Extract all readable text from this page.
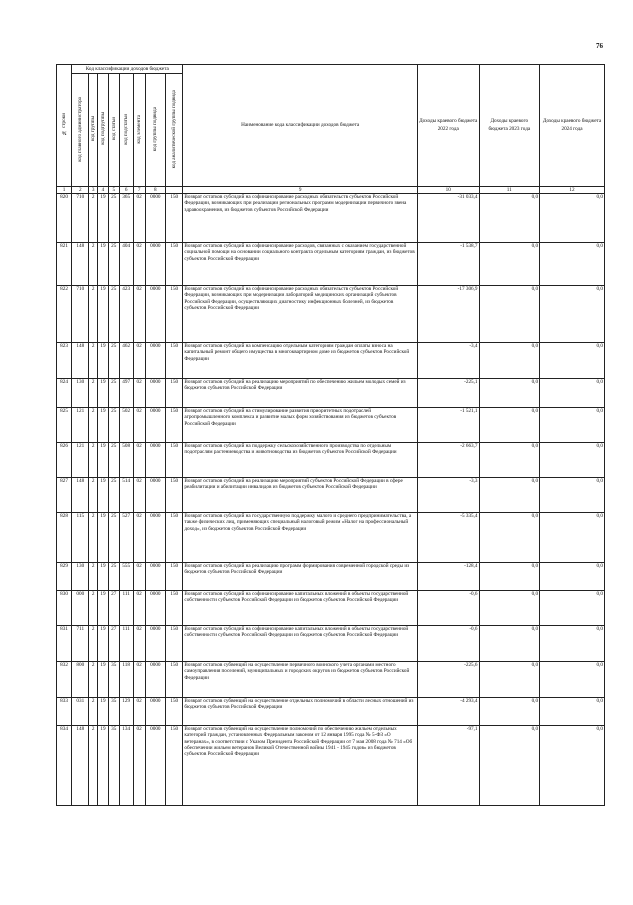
76
№ строки	Код классификации доходов бюджета								Наименование кода классификации доходов бюджета	Доходы краевого бюджета 2022 года	Доходы краевого бюджета 2023 года	Доходы краевого бюджета 2024 года
	код главного администратора	код группы	код подгруппы	код статьи	код подстатьи	код элемента	код группы подвида	код аналитической группы подвида				
1	2	3	4	5	6	7	8		9	10	11	12
820	710	2	19	25	365	02	0000	150	Возврат остатков субсидий на софинансирование расходных обязательств субъектов Российской Федерации, возникающих при реализации региональных программ модернизации первичного звена здравоохранения, из бюджетов субъектов Российской Федерации	-31 033,4	0,0	0,0
821	148	2	19	25	404	02	0000	150	Возврат остатков субсидий на софинансирование расходов, связанных с оказанием государственной социальной помощи на основании социального контракта отдельным категориям граждан, из бюджетов субъектов Российской Федерации	-1 538,7	0,0	0,0
822	710	2	19	25	423	02	0000	150	Возврат остатков субсидий на софинансирование расходных обязательств субъектов Российской Федерации, возникающих при модернизации лабораторий медицинских организаций субъектов Российской Федерации, осуществляющих диагностику инфекционных болезней, из бюджетов субъектов Российской Федерации	-17 306,9	0,0	0,0
823	148	2	19	25	462	02	0000	150	Возврат остатков субсидий на компенсацию отдельным категориям граждан оплаты взноса на капитальный ремонт общего имущества в многоквартирном доме из бюджетов субъектов Российской Федерации	-3,4	0,0	0,0
824	130	2	19	25	497	02	0000	150	Возврат остатков субсидий на реализацию мероприятий по обеспечению жильем молодых семей из бюджетов субъектов Российской Федерации	-225,1	0,0	0,0
825	121	2	19	25	502	02	0000	150	Возврат остатков субсидий на стимулирование развития приоритетных подотраслей агропромышленного комплекса и развитие малых форм хозяйствования из бюджетов субъектов Российской Федерации	-1 521,1	0,0	0,0
826	121	2	19	25	508	02	0000	150	Возврат остатков субсидий на поддержку сельскохозяйственного производства по отдельным подотраслям растениеводства и животноводства из бюджетов субъектов Российской Федерации	-2 663,7	0,0	0,0
827	148	2	19	25	514	02	0000	150	Возврат остатков субсидий на реализацию мероприятий субъектов Российской Федерации в сфере реабилитации и абилитации инвалидов из бюджетов субъектов Российской Федерации	-3,3	0,0	0,0
828	115	2	19	25	527	02	0000	150	Возврат остатков субсидий на государственную поддержку малого и среднего предпринимательства, а также физических лиц, применяющих специальный налоговый режим «Налог на профессиональный доход», из бюджетов субъектов Российской Федерации	-5 335,4	0,0	0,0
829	130	2	19	25	555	02	0000	150	Возврат остатков субсидий на реализацию программ формирования современной городской среды из бюджетов субъектов Российской Федерации	-128,4	0,0	0,0
830	000	2	19	27	111	02	0000	150	Возврат остатков субсидий на софинансирование капитальных вложений в объекты государственной собственности субъектов Российской Федерации из бюджетов субъектов Российской Федерации	-0,6	0,0	0,0
831	711	2	19	27	111	02	0000	150	Возврат остатков субсидий на софинансирование капитальных вложений в объекты государственной собственности субъектов Российской Федерации из бюджетов субъектов Российской Федерации	-0,6	0,0	0,0
832	800	2	19	35	118	02	0000	150	Возврат остатков субвенций на осуществление первичного воинского учета органами местного самоуправления поселений, муниципальных и городских округов из бюджетов субъектов Российской Федерации	-225,6	0,0	0,0
833	031	2	19	35	129	02	0000	150	Возврат остатков субвенций на осуществление отдельных полномочий в области лесных отношений из бюджетов субъектов Российской Федерации	-4 293,4	0,0	0,0
834	148	2	19	35	134	02	0000	150	Возврат остатков субвенций на осуществление полномочий по обеспечению жильем отдельных категорий граждан, установленных Федеральным законом от 12 января 1995 года № 5-ФЗ «О ветеранах», в соответствии с Указом Президента Российской Федерации от 7 мая 2008 года № 714 «Об обеспечении жильем ветеранов Великой Отечественной войны 1941 - 1945 годов» из бюджетов субъектов Российской Федерации	-97,1	0,0	0,0
